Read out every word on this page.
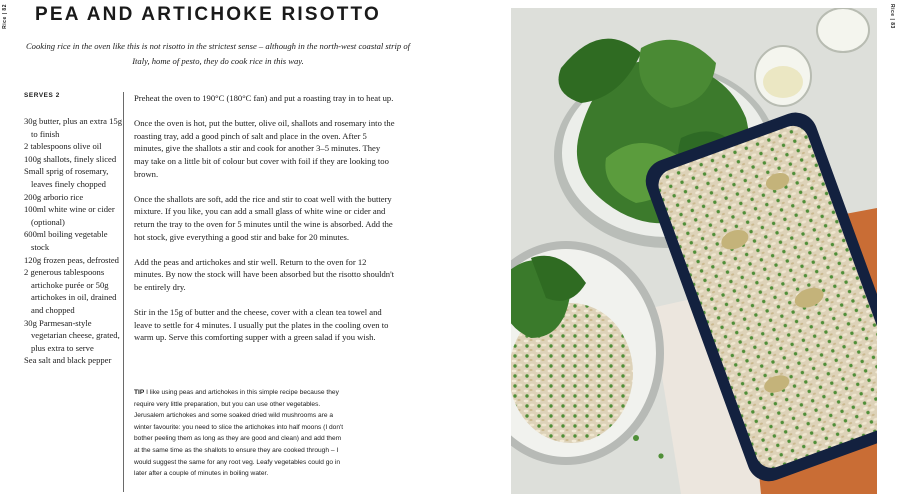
Rice | 82	PEA AND ARTICHOKE RISOTTO

Cooking rice in the oven like this is not risotto in the strictest sense – although in the north-west coastal strip of Italy, home of pesto, they do cook rice in this way.

SERVES 2
30g butter, plus an extra 15g to finish
2 tablespoons olive oil
100g shallots, finely sliced
Small sprig of rosemary, leaves finely chopped
200g arborio rice
100ml white wine or cider (optional)
600ml boiling vegetable stock
120g frozen peas, defrosted
2 generous tablespoons artichoke purée or 50g artichokes in oil, drained and chopped
30g Parmesan-style vegetarian cheese, grated, plus extra to serve
Sea salt and black pepper

Preheat the oven to 190°C (180°C fan) and put a roasting tray in to heat up.

Once the oven is hot, put the butter, olive oil, shallots and rosemary into the roasting tray, add a good pinch of salt and place in the oven. After 5 minutes, give the shallots a stir and cook for another 3–5 minutes. They may take on a little bit of colour but cover with foil if they are looking too brown.

Once the shallots are soft, add the rice and stir to coat well with the buttery mixture. If you like, you can add a small glass of white wine or cider and return the tray to the oven for 5 minutes until the wine is absorbed. Add the hot stock, give everything a good stir and bake for 20 minutes.

Add the peas and artichokes and stir well. Return to the oven for 12 minutes. By now the stock will have been absorbed but the risotto shouldn't be entirely dry.

Stir in the 15g of butter and the cheese, cover with a clean tea towel and leave to settle for 4 minutes. I usually put the plates in the cooling oven to warm up. Serve this comforting supper with a green salad if you wish.

TIP I like using peas and artichokes in this simple recipe because they require very little preparation, but you can use other vegetables. Jerusalem artichokes and some soaked dried wild mushrooms are a winter favourite: you need to slice the artichokes into half moons (I don't bother peeling them as long as they are good and clean) and add them at the same time as the shallots to ensure they are cooked through – I would suggest the same for any root veg. Leafy vegetables could go in later after a couple of minutes in boiling water.

Rice | 83
